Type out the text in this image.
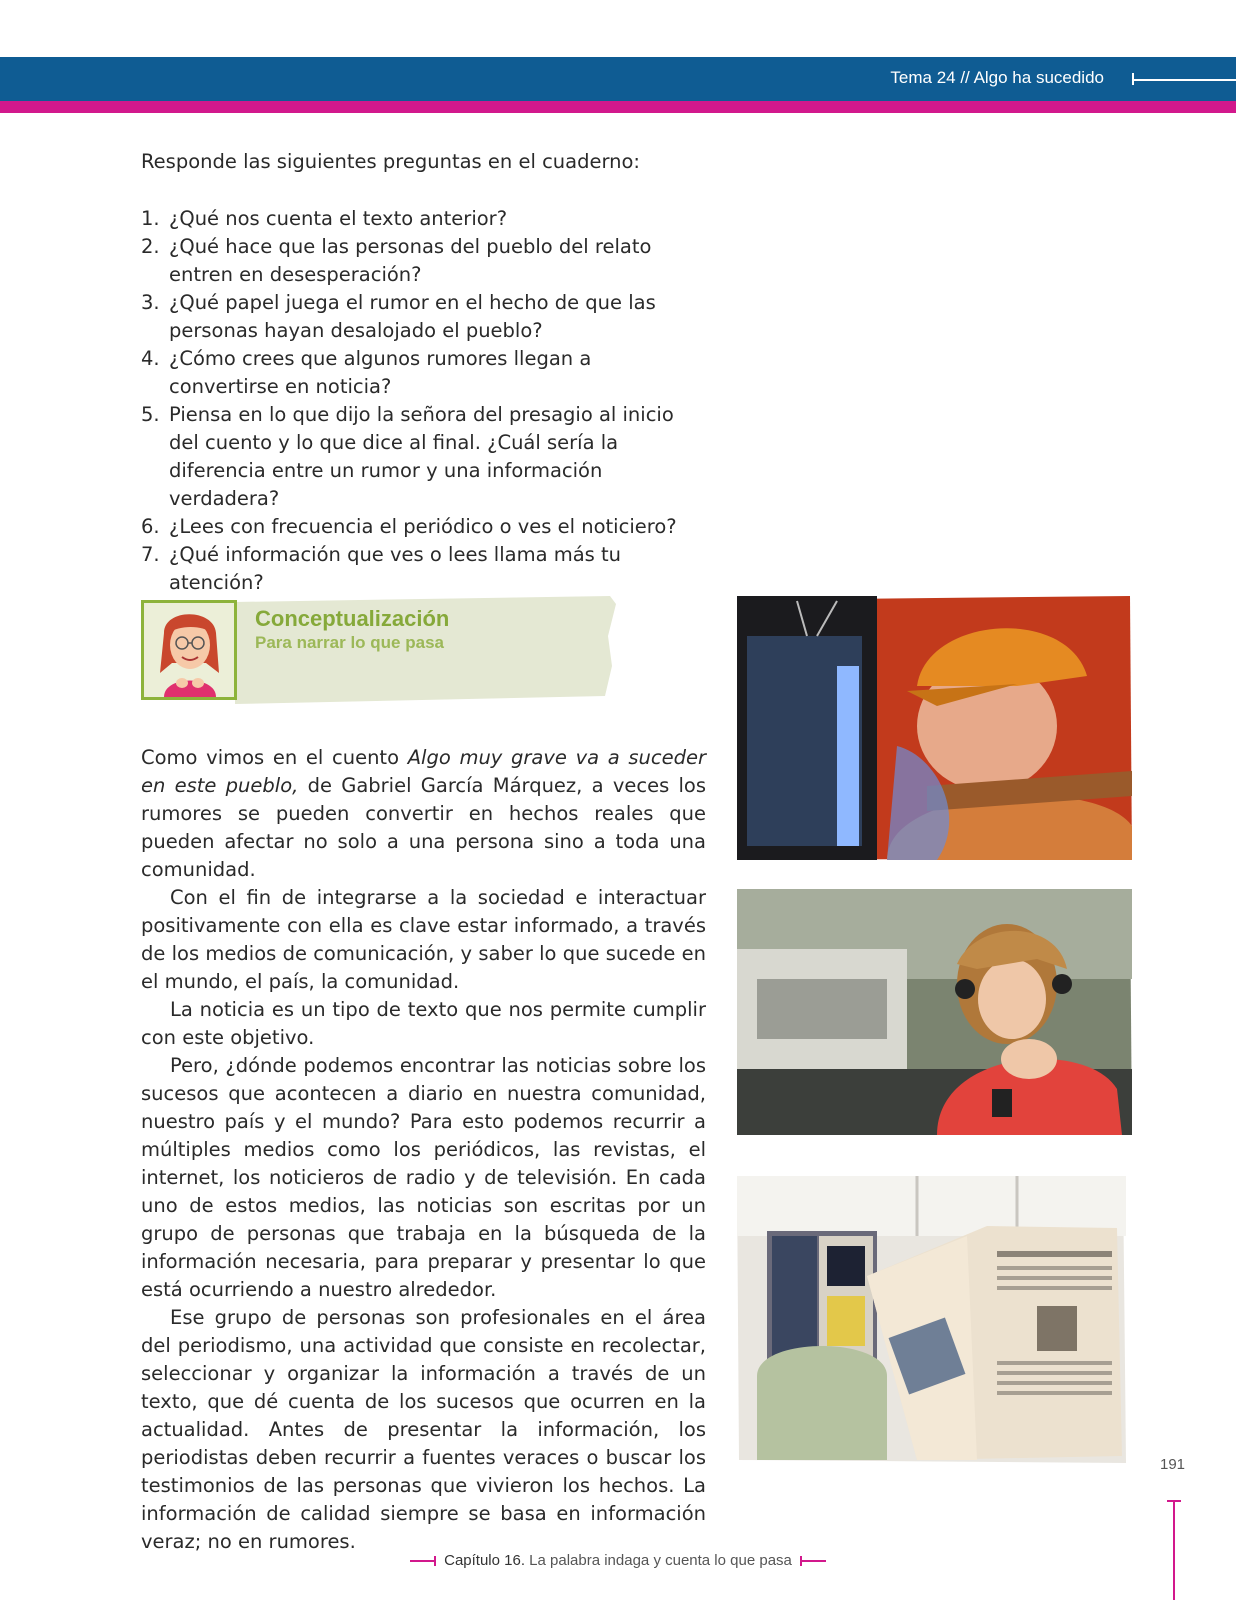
Tema 24 // Algo ha sucedido
Responde las siguientes preguntas en el cuaderno:
1. ¿Qué nos cuenta el texto anterior?
2. ¿Qué hace que las personas del pueblo del relato entren en desesperación?
3. ¿Qué papel juega el rumor en el hecho de que las personas hayan desalojado el pueblo?
4. ¿Cómo crees que algunos rumores llegan a convertirse en noticia?
5. Piensa en lo que dijo la señora del presagio al inicio del cuento y lo que dice al final. ¿Cuál sería la diferencia entre un rumor y una información verdadera?
6. ¿Lees con frecuencia el periódico o ves el noticiero?
7. ¿Qué información que ves o lees llama más tu atención?
Conceptualización
Para narrar lo que pasa

Como vimos en el cuento Algo muy grave va a suceder en este pueblo, de Gabriel García Márquez, a veces los rumores se pueden convertir en hechos reales que pueden afectar no solo a una persona sino a toda una comunidad.

Con el fin de integrarse a la sociedad e interactuar positivamente con ella es clave estar informado, a través de los medios de comunicación, y saber lo que sucede en el mundo, el país, la comunidad.

La noticia es un tipo de texto que nos permite cumplir con este objetivo.

Pero, ¿dónde podemos encontrar las noticias sobre los sucesos que acontecen a diario en nuestra comunidad, nuestro país y el mundo? Para esto podemos recurrir a múltiples medios como los periódicos, las revistas, el internet, los noticieros de radio y de televisión. En cada uno de estos medios, las noticias son escritas por un grupo de personas que trabaja en la búsqueda de la información necesaria, para preparar y presentar lo que está ocurriendo a nuestro alrededor.

Ese grupo de personas son profesionales en el área del periodismo, una actividad que consiste en recolectar, seleccionar y organizar la información a través de un texto, que dé cuenta de los sucesos que ocurren en la actualidad. Antes de presentar la información, los periodistas deben recurrir a fuentes veraces o buscar los testimonios de las personas que vivieron los hechos. La información de calidad siempre se basa en información veraz; no en rumores.

191
Capítulo 16. La palabra indaga y cuenta lo que pasa
